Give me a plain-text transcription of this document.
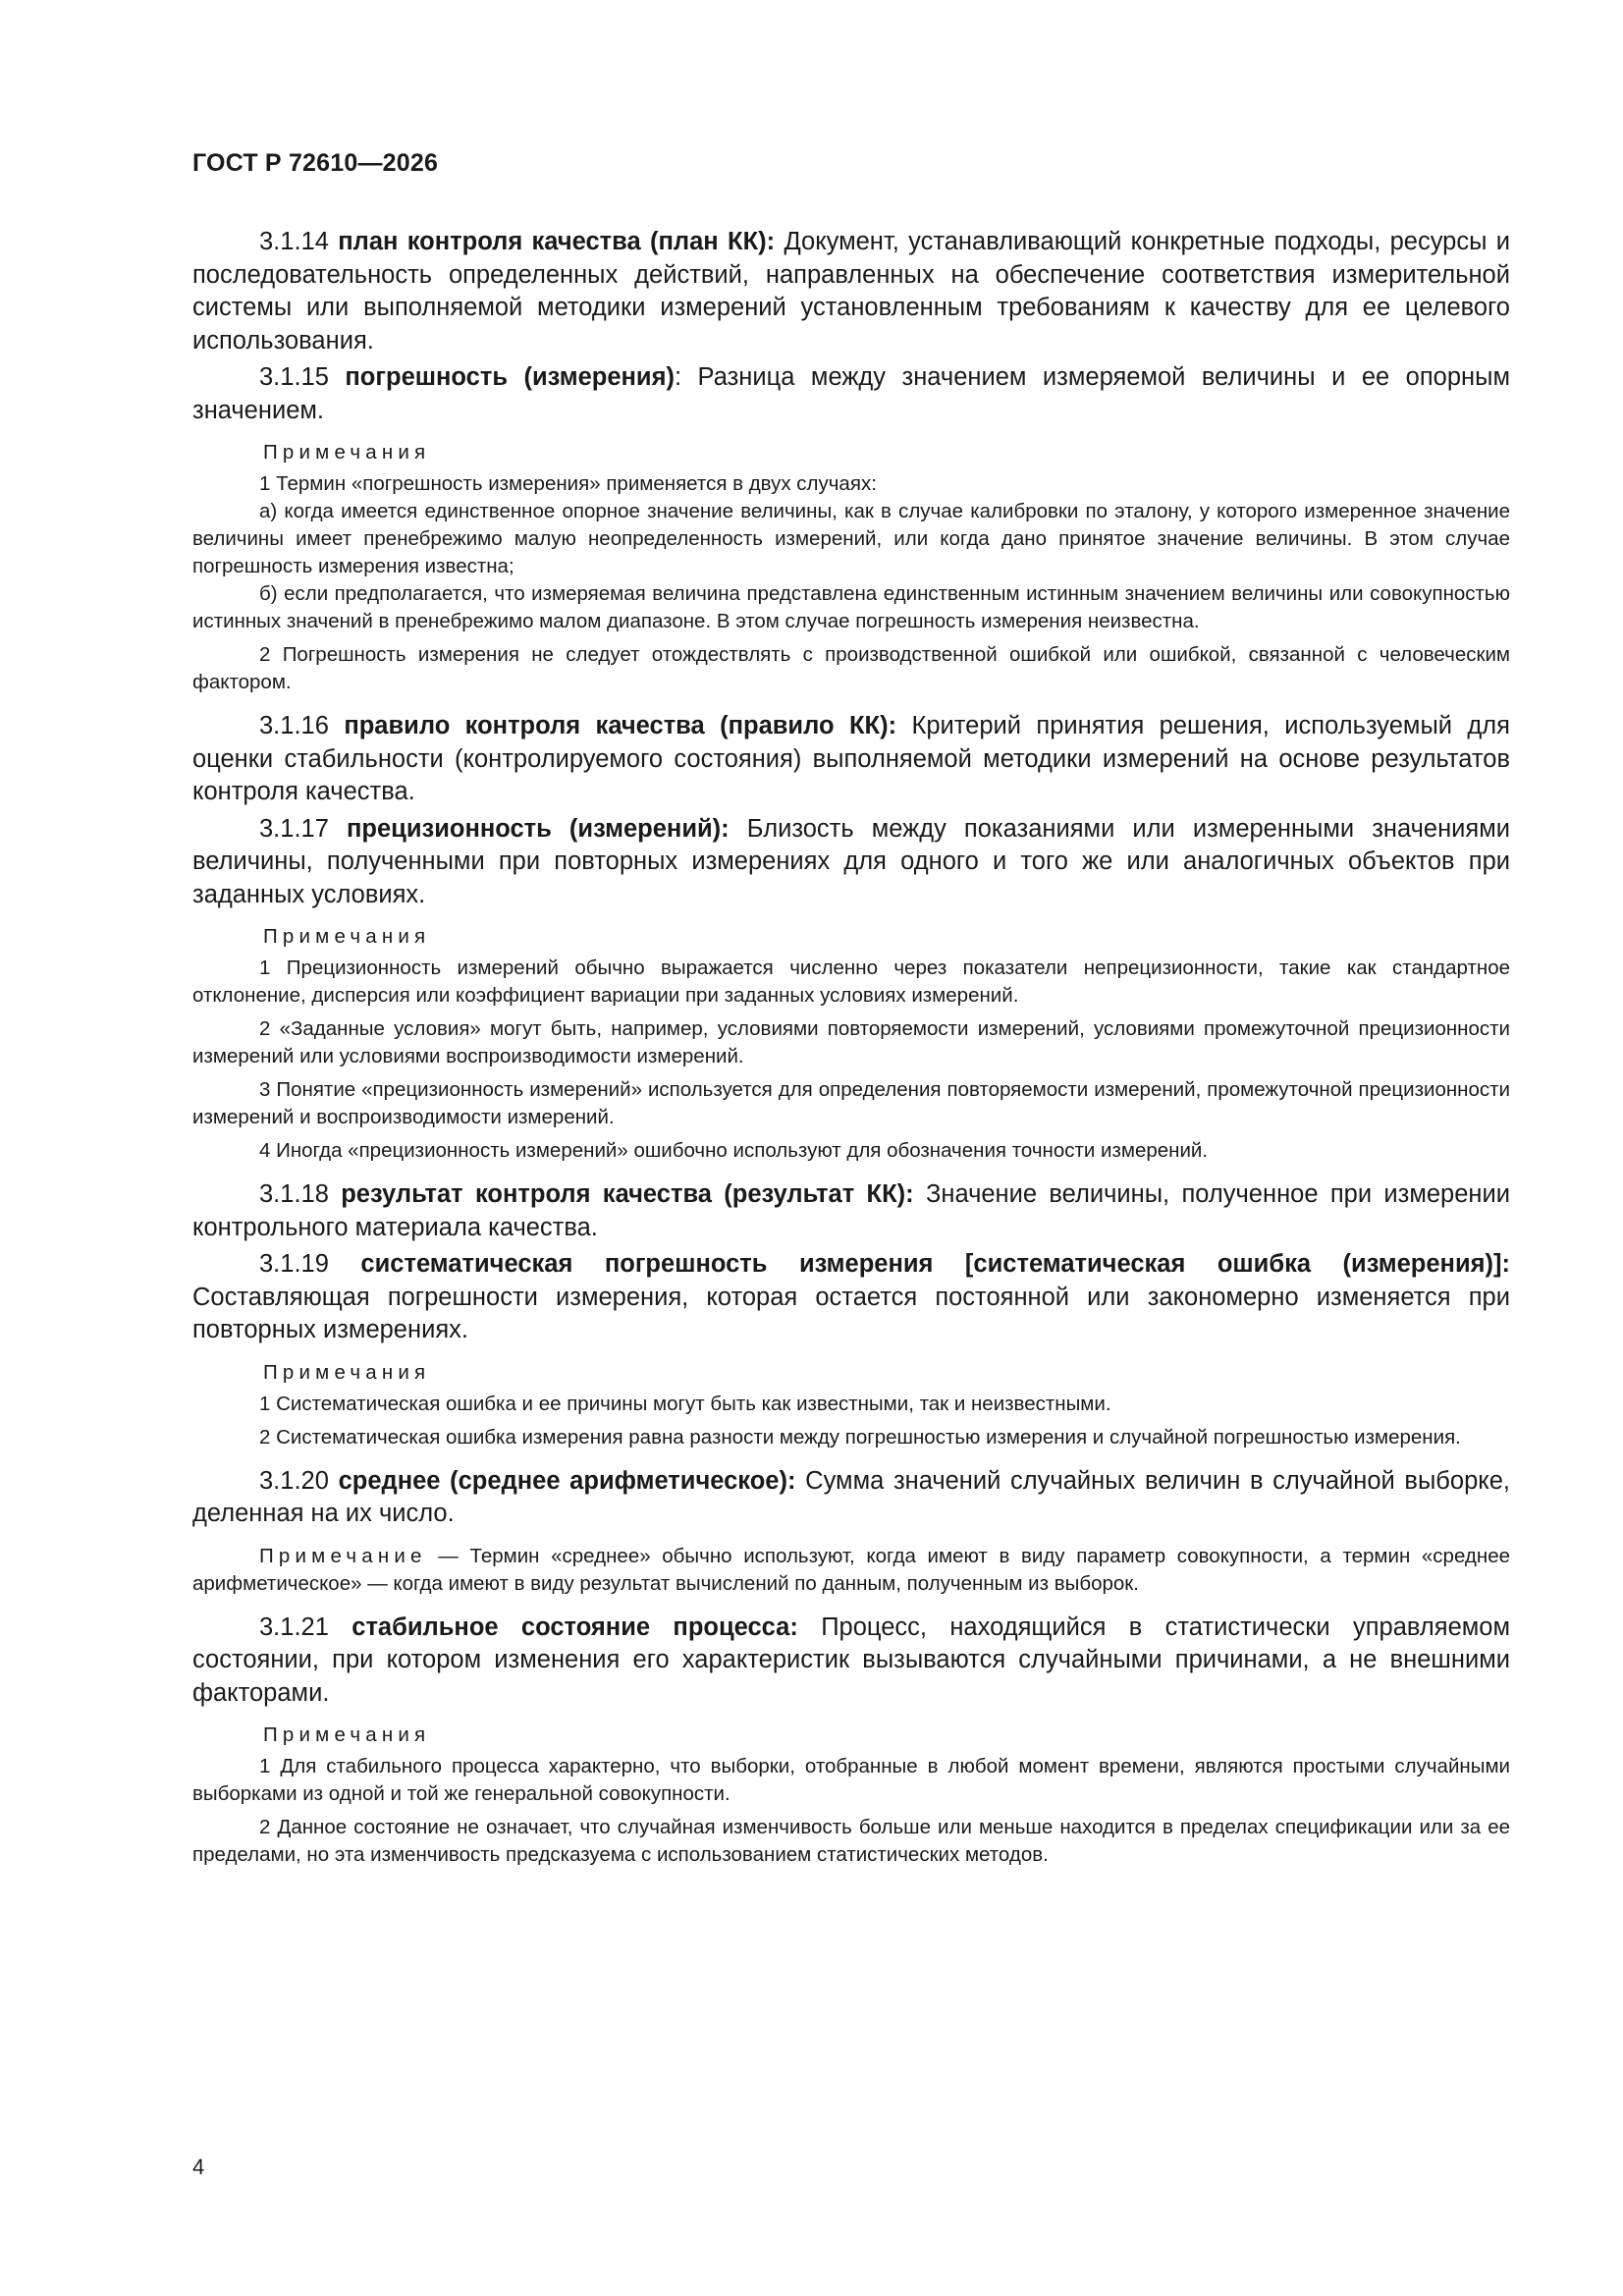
ГОСТ Р 72610—2026

3.1.14 план контроля качества (план КК): Документ, устанавливающий конкретные подходы, ресурсы и последовательность определенных действий, направленных на обеспечение соответствия измерительной системы или выполняемой методики измерений установленным требованиям к качеству для ее целевого использования.

3.1.15 погрешность (измерения): Разница между значением измеряемой величины и ее опорным значением.

Примечания

1 Термин «погрешность измерения» применяется в двух случаях:

а) когда имеется единственное опорное значение величины, как в случае калибровки по эталону, у которого измеренное значение величины имеет пренебрежимо малую неопределенность измерений, или когда дано принятое значение величины. В этом случае погрешность измерения известна;

б) если предполагается, что измеряемая величина представлена единственным истинным значением величины или совокупностью истинных значений в пренебрежимо малом диапазоне. В этом случае погрешность измерения неизвестна.

2 Погрешность измерения не следует отождествлять с производственной ошибкой или ошибкой, связанной с человеческим фактором.

3.1.16 правило контроля качества (правило КК): Критерий принятия решения, используемый для оценки стабильности (контролируемого состояния) выполняемой методики измерений на основе результатов контроля качества.

3.1.17 прецизионность (измерений): Близость между показаниями или измеренными значениями величины, полученными при повторных измерениях для одного и того же или аналогичных объектов при заданных условиях.

Примечания

1 Прецизионность измерений обычно выражается численно через показатели непрецизионности, такие как стандартное отклонение, дисперсия или коэффициент вариации при заданных условиях измерений.

2 «Заданные условия» могут быть, например, условиями повторяемости измерений, условиями промежуточной прецизионности измерений или условиями воспроизводимости измерений.

3 Понятие «прецизионность измерений» используется для определения повторяемости измерений, промежуточной прецизионности измерений и воспроизводимости измерений.

4 Иногда «прецизионность измерений» ошибочно используют для обозначения точности измерений.

3.1.18 результат контроля качества (результат КК): Значение величины, полученное при измерении контрольного материала качества.

3.1.19 систематическая погрешность измерения [систематическая ошибка (измерения)]: Составляющая погрешности измерения, которая остается постоянной или закономерно изменяется при повторных измерениях.

Примечания

1 Систематическая ошибка и ее причины могут быть как известными, так и неизвестными.

2 Систематическая ошибка измерения равна разности между погрешностью измерения и случайной погрешностью измерения.

3.1.20 среднее (среднее арифметическое): Сумма значений случайных величин в случайной выборке, деленная на их число.

Примечание — Термин «среднее» обычно используют, когда имеют в виду параметр совокупности, а термин «среднее арифметическое» — когда имеют в виду результат вычислений по данным, полученным из выборок.

3.1.21 стабильное состояние процесса: Процесс, находящийся в статистически управляемом состоянии, при котором изменения его характеристик вызываются случайными причинами, а не внешними факторами.

Примечания

1 Для стабильного процесса характерно, что выборки, отобранные в любой момент времени, являются простыми случайными выборками из одной и той же генеральной совокупности.

2 Данное состояние не означает, что случайная изменчивость больше или меньше находится в пределах спецификации или за ее пределами, но эта изменчивость предсказуема с использованием статистических методов.

4
